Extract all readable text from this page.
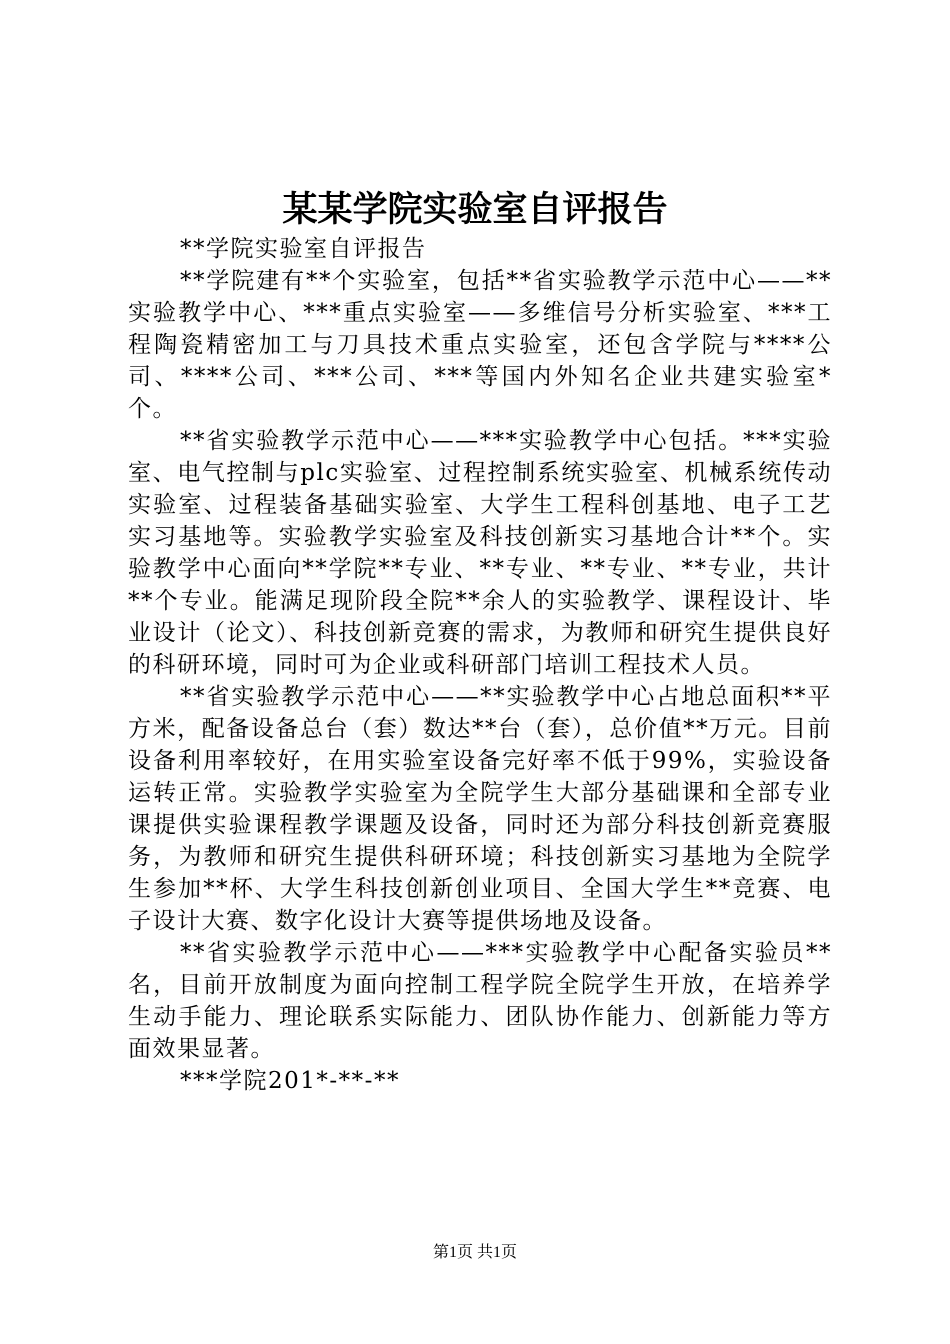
某某学院实验室自评报告

**学院实验室自评报告

**学院建有**个实验室，包括**省实验教学示范中心——**实验教学中心、***重点实验室——多维信号分析实验室、***工程陶瓷精密加工与刀具技术重点实验室，还包含学院与****公司、****公司、***公司、***等国内外知名企业共建实验室*个。

**省实验教学示范中心——***实验教学中心包括。***实验室、电气控制与plc实验室、过程控制系统实验室、机械系统传动实验室、过程装备基础实验室、大学生工程科创基地、电子工艺实习基地等。实验教学实验室及科技创新实习基地合计**个。实验教学中心面向**学院**专业、**专业、**专业、**专业，共计**个专业。能满足现阶段全院**余人的实验教学、课程设计、毕业设计（论文）、科技创新竞赛的需求，为教师和研究生提供良好的科研环境，同时可为企业或科研部门培训工程技术人员。

**省实验教学示范中心——**实验教学中心占地总面积**平方米，配备设备总台（套）数达**台（套），总价值**万元。目前设备利用率较好，在用实验室设备完好率不低于99%，实验设备运转正常。实验教学实验室为全院学生大部分基础课和全部专业课提供实验课程教学课题及设备，同时还为部分科技创新竞赛服务，为教师和研究生提供科研环境；科技创新实习基地为全院学生参加**杯、大学生科技创新创业项目、全国大学生**竞赛、电子设计大赛、数字化设计大赛等提供场地及设备。

**省实验教学示范中心——***实验教学中心配备实验员**名，目前开放制度为面向控制工程学院全院学生开放，在培养学生动手能力、理论联系实际能力、团队协作能力、创新能力等方面效果显著。

***学院201*-**-**

第1页 共1页
